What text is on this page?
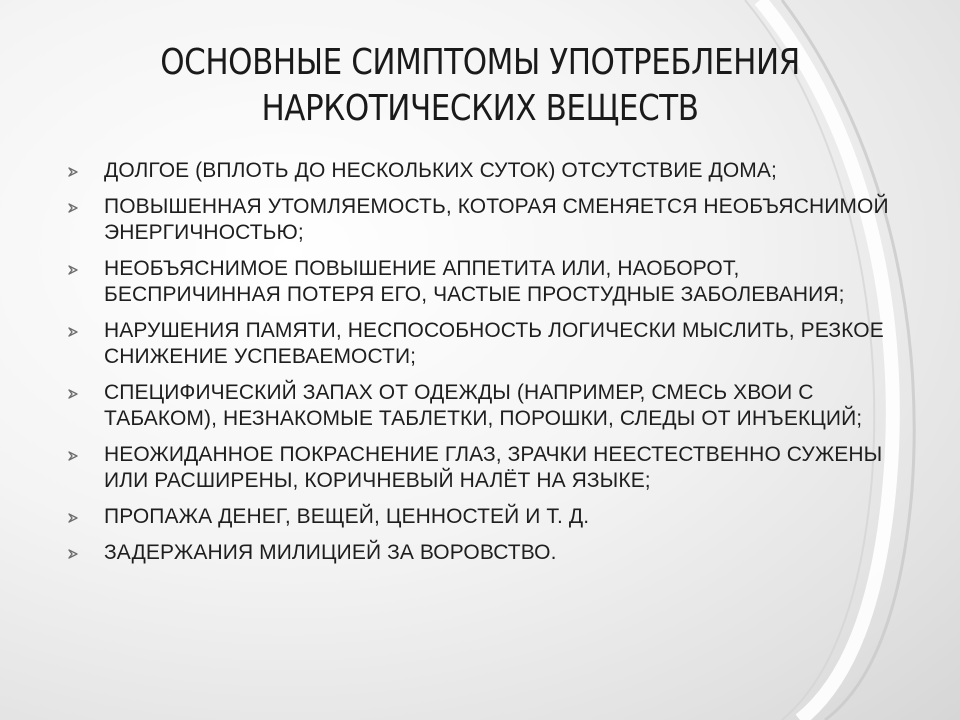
ОСНОВНЫЕ СИМПТОМЫ УПОТРЕБЛЕНИЯ НАРКОТИЧЕСКИХ ВЕЩЕСТВ
ДОЛГОЕ (ВПЛОТЬ ДО НЕСКОЛЬКИХ СУТОК) ОТСУТСТВИЕ ДОМА;
ПОВЫШЕННАЯ УТОМЛЯЕМОСТЬ, КОТОРАЯ СМЕНЯЕТСЯ НЕОБЪЯСНИМОЙ ЭНЕРГИЧНОСТЬЮ;
НЕОБЪЯСНИМОЕ ПОВЫШЕНИЕ АППЕТИТА ИЛИ, НАОБОРОТ, БЕСПРИЧИННАЯ ПОТЕРЯ ЕГО, ЧАСТЫЕ ПРОСТУДНЫЕ ЗАБОЛЕВАНИЯ;
НАРУШЕНИЯ ПАМЯТИ, НЕСПОСОБНОСТЬ ЛОГИЧЕСКИ МЫСЛИТЬ, РЕЗКОЕ СНИЖЕНИЕ УСПЕВАЕМОСТИ;
СПЕЦИФИЧЕСКИЙ ЗАПАХ ОТ ОДЕЖДЫ (НАПРИМЕР, СМЕСЬ ХВОИ С ТАБАКОМ), НЕЗНАКОМЫЕ ТАБЛЕТКИ, ПОРОШКИ, СЛЕДЫ ОТ ИНЪЕКЦИЙ;
НЕОЖИДАННОЕ ПОКРАСНЕНИЕ ГЛАЗ, ЗРАЧКИ НЕЕСТЕСТВЕННО СУЖЕНЫ ИЛИ РАСШИРЕНЫ, КОРИЧНЕВЫЙ НАЛЁТ НА ЯЗЫКЕ;
ПРОПАЖА ДЕНЕГ, ВЕЩЕЙ, ЦЕННОСТЕЙ И Т. Д.
ЗАДЕРЖАНИЯ МИЛИЦИЕЙ ЗА ВОРОВСТВО.
